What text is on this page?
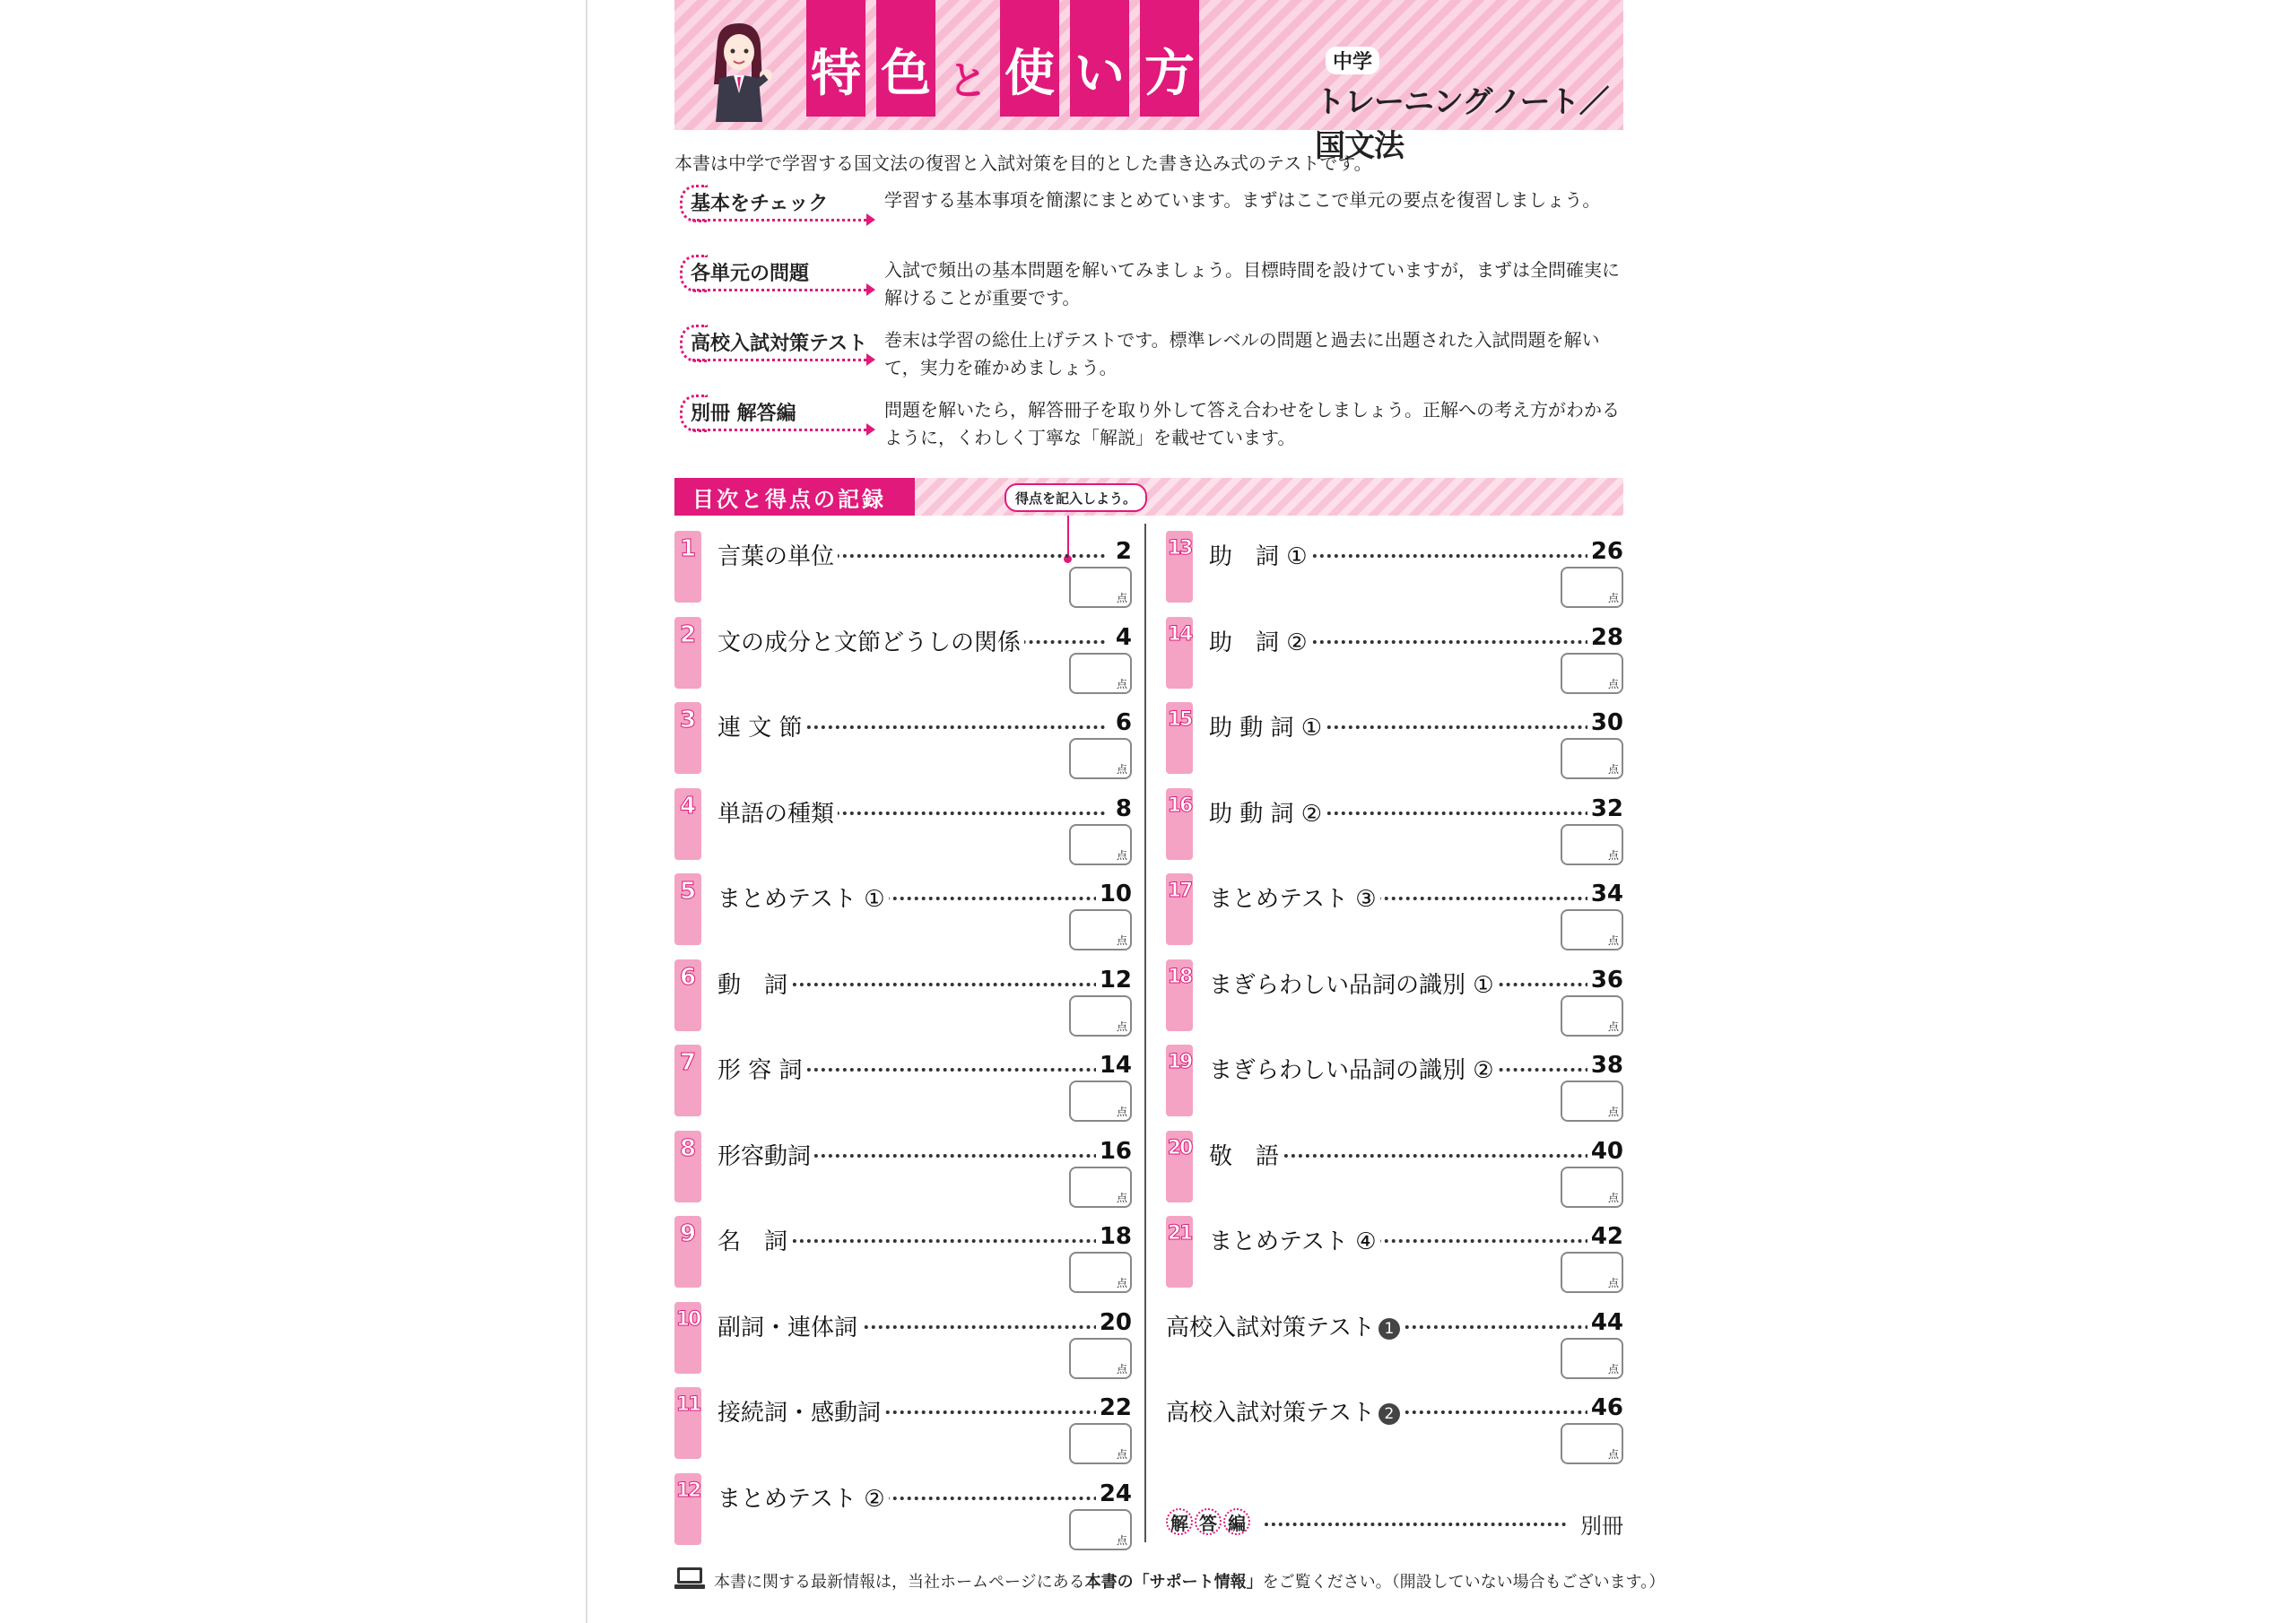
特 色 と 使 い 方	中学
トレーニングノート／国文法
本書は中学で学習する国文法の復習と入試対策を目的とした書き込み式のテストです。
基本をチェック	学習する基本事項を簡潔にまとめています。まずはここで単元の要点を復習しましょう。
各単元の問題	入試で頻出の基本問題を解いてみましょう。目標時間を設けていますが，まずは全問確実に解けることが重要です。
高校入試対策テスト 巻末は学習の総仕上げテストです。標準レベルの問題と過去に出題された入試問題を解いて，実力を確かめましょう。
別冊 解答編	問題を解いたら，解答冊子を取り外して答え合わせをしましょう。正解への考え方がわかるように，くわしく丁寧な「解説」を載せています。
目次と得点の記録	得点を記入しよう。
1 言葉の単位	2
点
2 文の成分と文節どうしの関係	4
点
3 連 文 節	6
点
4 単語の種類	8
点
5 まとめテスト ①	10
点
6 動　詞	12
点
7 形 容 詞	14
点
8 形容動詞	16
点
9 名　詞	18
点
10 副詞・連体詞	20
点
11 接続詞・感動詞	22
点
12 まとめテスト ②	24
点
13 助　詞 ①	26
点
14 助　詞 ②	28
点
15 助 動 詞 ①	30
点
16 助 動 詞 ②	32
点
17 まとめテスト ③	34
点
18 まぎらわしい品詞の識別 ①	36
点
19 まぎらわしい品詞の識別 ②	38
点
20 敬　語	40
点
21 まとめテスト ④	42
点
高校入試対策テスト 1	44
点
高校入試対策テスト 2	46
点
解 答 編	別冊
本書に関する最新情報は，当社ホームページにある本書の「サポート情報」をご覧ください。（開設していない場合もございます。）
